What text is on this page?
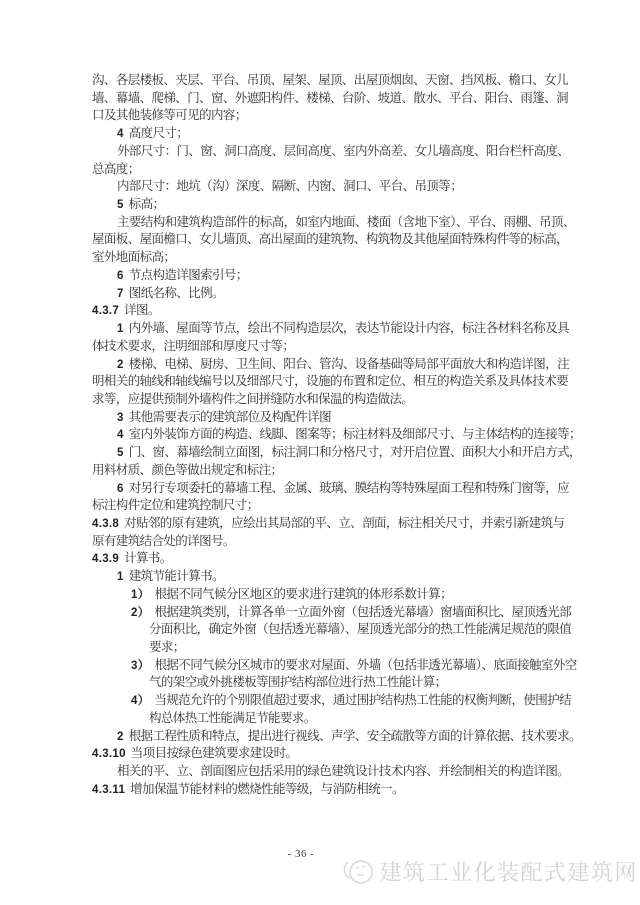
沟、各层楼板、夹层、平台、吊顶、屋架、屋顶、出屋顶烟囱、天窗、挡风板、檐口、女儿
墙、幕墙、爬梯、门、窗、外遮阳构件、楼梯、台阶、坡道、散水、平台、阳台、雨篷、洞
口及其他装修等可见的内容；
4 高度尺寸；
外部尺寸：门、窗、洞口高度、层间高度、室内外高差、女儿墙高度、阳台栏杆高度、
总高度；
内部尺寸：地坑（沟）深度、隔断、内窗、洞口、平台、吊顶等；
5 标高；
主要结构和建筑构造部件的标高，如室内地面、楼面（含地下室）、平台、雨棚、吊顶、
屋面板、屋面檐口、女儿墙顶、高出屋面的建筑物、构筑物及其他屋面特殊构件等的标高，
室外地面标高；
6 节点构造详图索引号；
7 图纸名称、比例。
4.3.7 详图。
1 内外墙、屋面等节点，绘出不同构造层次，表达节能设计内容，标注各材料名称及具
体技术要求，注明细部和厚度尺寸等；
2 楼梯、电梯、厨房、卫生间、阳台、管沟、设备基础等局部平面放大和构造详图，注
明相关的轴线和轴线编号以及细部尺寸，设施的布置和定位、相互的构造关系及具体技术要
求等，应提供预制外墙构件之间拼缝防水和保温的构造做法。
3 其他需要表示的建筑部位及构配件详图
4 室内外装饰方面的构造、线脚、图案等；标注材料及细部尺寸、与主体结构的连接等；
5 门、窗、幕墙绘制立面图，标注洞口和分格尺寸，对开启位置、面积大小和开启方式，
用料材质、颜色等做出规定和标注；
6 对另行专项委托的幕墙工程、金属、玻璃、膜结构等特殊屋面工程和特殊门窗等，应
标注构件定位和建筑控制尺寸；
4.3.8 对贴邻的原有建筑，应绘出其局部的平、立、剖面，标注相关尺寸，并索引新建筑与
原有建筑结合处的详图号。
4.3.9 计算书。
1 建筑节能计算书。
1） 根据不同气候分区地区的要求进行建筑的体形系数计算；
2） 根据建筑类别，计算各单一立面外窗（包括透光幕墙）窗墙面积比、屋顶透光部
分面积比，确定外窗（包括透光幕墙）、屋顶透光部分的热工性能满足规范的限值
要求；
3） 根据不同气候分区城市的要求对屋面、外墙（包括非透光幕墙）、底面接触室外空
气的架空或外挑楼板等围护结构部位进行热工性能计算；
4） 当规范允许的个别限值超过要求，通过围护结构热工性能的权衡判断，使围护结
构总体热工性能满足节能要求。
2 根据工程性质和特点，提出进行视线、声学、安全疏散等方面的计算依据、技术要求。
4.3.10 当项目按绿色建筑要求建设时。
相关的平、立、剖面图应包括采用的绿色建筑设计技术内容、并绘制相关的构造详图。
4.3.11 增加保温节能材料的燃烧性能等级，与消防相统一。
- 36 -
建筑工业化装配式建筑网
